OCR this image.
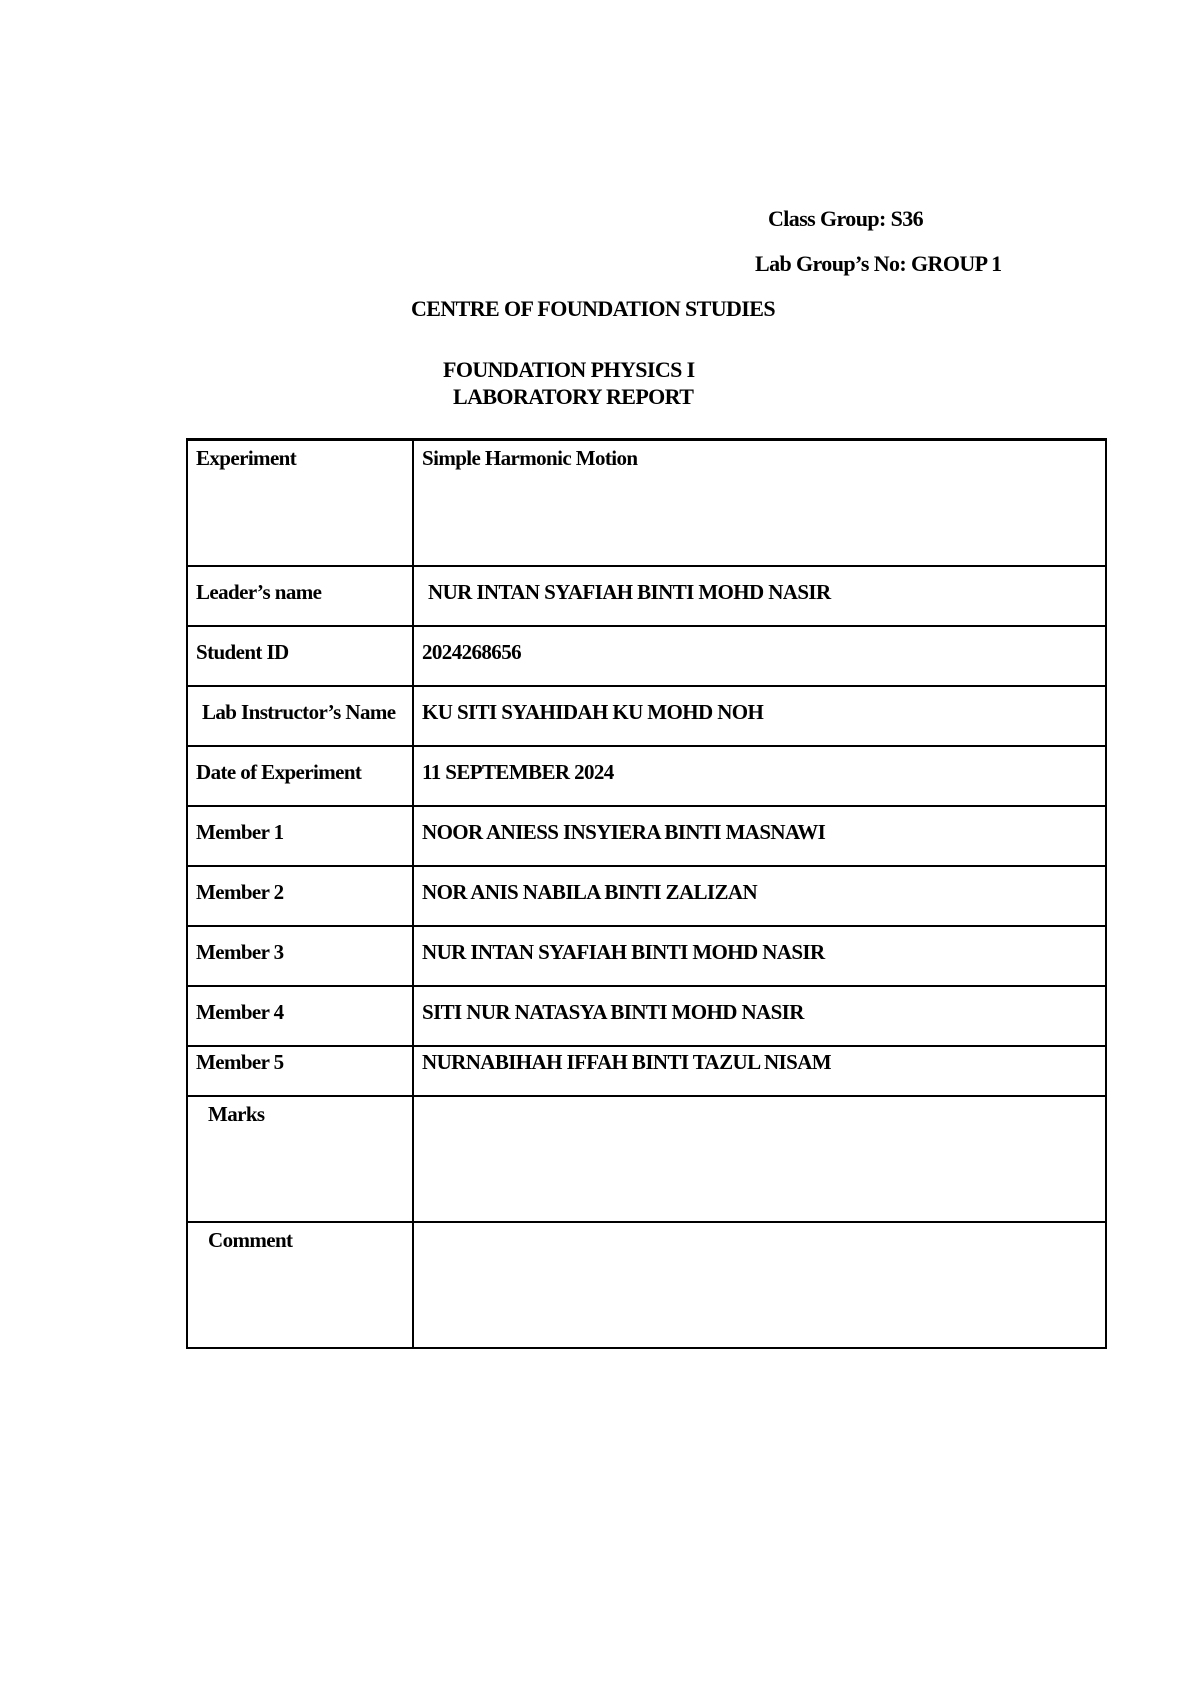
Class Group: S36
Lab Group’s No: GROUP 1
CENTRE OF FOUNDATION STUDIES
FOUNDATION PHYSICS I
LABORATORY REPORT
Experiment	Simple Harmonic Motion
Leader’s name	NUR INTAN SYAFIAH BINTI MOHD NASIR
Student ID	2024268656
Lab Instructor’s Name	KU SITI SYAHIDAH KU MOHD NOH
Date of Experiment	11 SEPTEMBER 2024
Member 1	NOOR ANIESS INSYIERA BINTI MASNAWI
Member 2	NOR ANIS NABILA BINTI ZALIZAN
Member 3	NUR INTAN SYAFIAH BINTI MOHD NASIR
Member 4	SITI NUR NATASYA BINTI MOHD NASIR
Member 5	NURNABIHAH IFFAH BINTI TAZUL NISAM
Marks	
Comment	
